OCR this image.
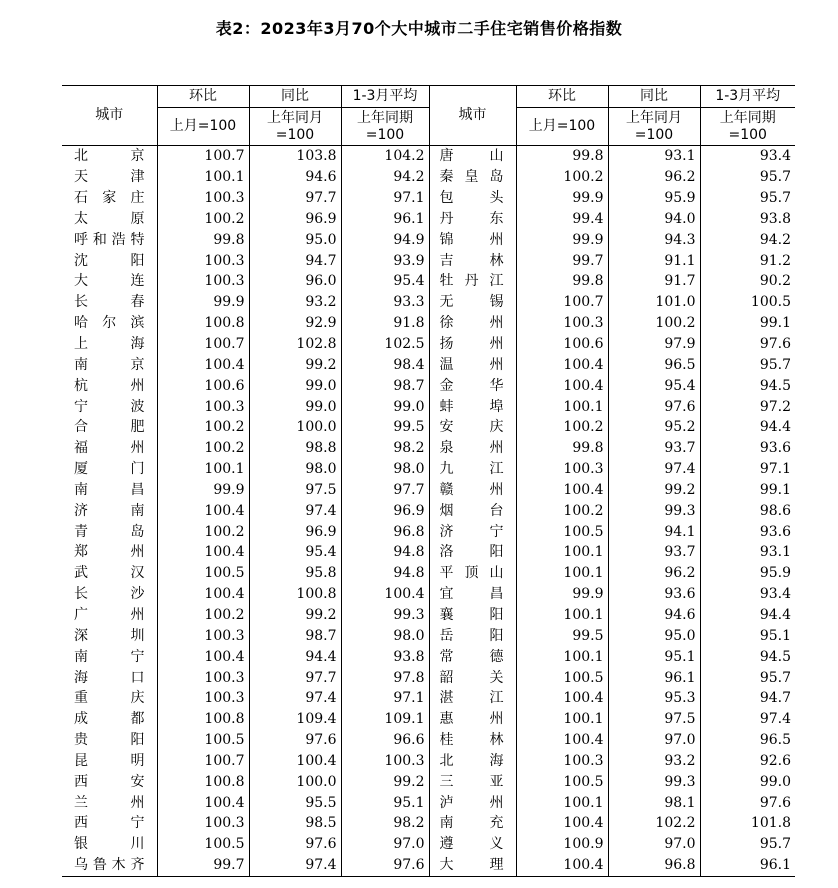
表2：2023年3月70个大中城市二手住宅销售价格指数
城市	环比	同比	1-3月平均	城市	环比	同比	1-3月平均
	上月=100	上年同月=100	上年同期=100		上月=100	上年同月=100	上年同期=100
北京	100.7	103.8	104.2	唐山	99.8	93.1	93.4
天津	100.1	94.6	94.2	秦皇岛	100.2	96.2	95.7
石家庄	100.3	97.7	97.1	包头	99.9	95.9	95.7
太原	100.2	96.9	96.1	丹东	99.4	94.0	93.8
呼和浩特	99.8	95.0	94.9	锦州	99.9	94.3	94.2
沈阳	100.3	94.7	93.9	吉林	99.7	91.1	91.2
大连	100.3	96.0	95.4	牡丹江	99.8	91.7	90.2
长春	99.9	93.2	93.3	无锡	100.7	101.0	100.5
哈尔滨	100.8	92.9	91.8	徐州	100.3	100.2	99.1
上海	100.7	102.8	102.5	扬州	100.6	97.9	97.6
南京	100.4	99.2	98.4	温州	100.4	96.5	95.7
杭州	100.6	99.0	98.7	金华	100.4	95.4	94.5
宁波	100.3	99.0	99.0	蚌埠	100.1	97.6	97.2
合肥	100.2	100.0	99.5	安庆	100.2	95.2	94.4
福州	100.2	98.8	98.2	泉州	99.8	93.7	93.6
厦门	100.1	98.0	98.0	九江	100.3	97.4	97.1
南昌	99.9	97.5	97.7	赣州	100.4	99.2	99.1
济南	100.4	97.4	96.9	烟台	100.2	99.3	98.6
青岛	100.2	96.9	96.8	济宁	100.5	94.1	93.6
郑州	100.4	95.4	94.8	洛阳	100.1	93.7	93.1
武汉	100.5	95.8	94.8	平顶山	100.1	96.2	95.9
长沙	100.4	100.8	100.4	宜昌	99.9	93.6	93.4
广州	100.2	99.2	99.3	襄阳	100.1	94.6	94.4
深圳	100.3	98.7	98.0	岳阳	99.5	95.0	95.1
南宁	100.4	94.4	93.8	常德	100.1	95.1	94.5
海口	100.3	97.7	97.8	韶关	100.5	96.1	95.7
重庆	100.3	97.4	97.1	湛江	100.4	95.3	94.7
成都	100.8	109.4	109.1	惠州	100.1	97.5	97.4
贵阳	100.5	97.6	96.6	桂林	100.4	97.0	96.5
昆明	100.7	100.4	100.3	北海	100.3	93.2	92.6
西安	100.8	100.0	99.2	三亚	100.5	99.3	99.0
兰州	100.4	95.5	95.1	泸州	100.1	98.1	97.6
西宁	100.3	98.5	98.2	南充	100.4	102.2	101.8
银川	100.5	97.6	97.0	遵义	100.9	97.0	95.7
乌鲁木齐	99.7	97.4	97.6	大理	100.4	96.8	96.1
